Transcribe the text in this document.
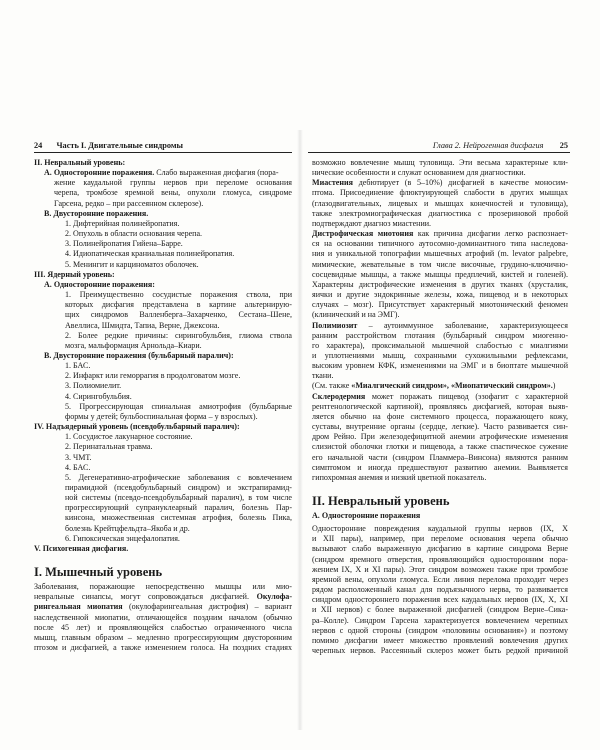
24 Часть I. Двигательные синдромы
II. Невральный уровень:
A. Односторонние поражения. Слабо выраженная дисфагия (пора-
жение каудальной группы нервов при переломе основания
черепа, тромбозе яремной вены, опухоли гломуса, синдроме
Гарсена, редко – при рассеянном склерозе).
B. Двусторонние поражения.
1. Дифтерийная полинейропатия.
2. Опухоль в области основания черепа.
3. Полинейропатия Гийена–Барре.
4. Идиопатическая краниальная полинейропатия.
5. Менингит и карциноматоз оболочек.
III. Ядерный уровень:
A. Односторонние поражения:
1. Преимущественно сосудистые поражения ствола, при
которых дисфагия представлена в картине альтернирую-
щих синдромов Валленберга–Захарченко, Сестана–Шене,
Авеллиса, Шмидта, Тапиа, Верне, Джексона.
2. Более редкие причины: сирингобульбия, глиома ствола
мозга, мальформация Арнольда–Киари.
B. Двусторонние поражения (бульбарный паралич):
1. БАС.
2. Инфаркт или геморрагия в продолговатом мозге.
3. Полиомиелит.
4. Сирингобульбия.
5. Прогрессирующая спинальная амиотрофия (бульбарные
формы у детей; бульбоспинальная форма – у взрослых).
IV. Надъядерный уровень (псевдобульбарный паралич):
1. Сосудистое лакунарное состояние.
2. Перинатальная травма.
3. ЧМТ.
4. БАС.
5. Дегенеративно-атрофические заболевания с вовлечением
пирамидной (псевдобульбарный синдром) и экстрапирамид-
ной системы (псевдо-псевдобульбарный паралич), в том числе
прогрессирующий супрануклеарный паралич, болезнь Пар-
кинсона, множественная системная атрофия, болезнь Пика,
болезнь Крейтцфельдта–Якоба и др.
6. Гипоксическая энцефалопатия.
V. Психогенная дисфагия.
I. Мышечный уровень
Заболевания, поражающие непосредственно мышцы или мио-
невральные синапсы, могут сопровождаться дисфагией. Окулофа-
рингеальная миопатия (окулофарингеальная дистрофия) – вариант
наследственной миопатии, отличающейся поздним началом (обычно
после 45 лет) и проявляющейся слабостью ограниченного числа
мышц, главным образом – медленно прогрессирующим двусторонним
птозом и дисфагией, а также изменением голоса. На поздних стадиях
Глава 2. Нейрогенная дисфагия 25
возможно вовлечение мышц туловища. Эти весьма характерные кли-
нические особенности и служат основанием для диагностики.
Миастения дебютирует (в 5–10%) дисфагией в качестве моносим-
птома. Присоединение флюктуирующей слабости в других мышцах
(глазодвигательных, лицевых и мышцах конечностей и туловища),
также электромиографическая диагностика с прозериновой пробой
подтверждают диагноз миастении.
Дистрофическая миотония как причина дисфагии легко распознает-
ся на основании типичного аутосомно-доминантного типа наследова-
ния и уникальной топографии мышечных атрофий (m. levator palpebre,
мимические, жевательные в том числе височные, грудино-ключично-
сосцевидные мышцы, а также мышцы предплечий, кистей и голеней).
Характерны дистрофические изменения в других тканях (хрусталик,
яички и другие эндокринные железы, кожа, пищевод и в некоторых
случаях – мозг). Присутствует характерный миотонический феномен
(клинический и на ЭМГ).
Полимиозит – аутоиммунное заболевание, характеризующееся
ранним расстройством глотания (бульбарный синдром миогенно-
го характера), проксимальной мышечной слабостью с миалгиями
и уплотнениями мышц, сохранными сухожильными рефлексами,
высоким уровнем КФК, изменениями на ЭМГ и в биоптате мышечной
ткани.
(См. также «Миалгический синдром», «Миопатический синдром».)
Склеродермия может поражать пищевод (эзофагит с характерной
рентгенологической картиной), проявляясь дисфагией, которая выяв-
ляется обычно на фоне системного процесса, поражающего кожу,
суставы, внутренние органы (сердце, легкие). Часто развивается син-
дром Рейно. При железодефицитной анемии атрофические изменения
слизистой оболочки глотки и пищевода, а также спастическое сужение
его начальной части (синдром Пламмера–Винсона) являются ранним
симптомом и иногда предшествуют развитию анемии. Выявляется
гипохромная анемия и низкий цветной показатель.
II. Невральный уровень
A. Односторонние поражения
Односторонние повреждения каудальной группы нервов (IX, X
и XII пары), например, при переломе основания черепа обычно
вызывают слабо выраженную дисфагию в картине синдрома Верне
(синдром яремного отверстия, проявляющийся односторонним пора-
жением IX, X и XI пары). Этот синдром возможен также при тромбозе
яремной вены, опухоли гломуса. Если линия перелома проходит через
рядом расположенный канал для подъязычного нерва, то развивается
синдром одностороннего поражения всех каудальных нервов (IX, X, XI
и XII нервов) с более выраженной дисфагией (синдром Верне–Сика-
ра–Колле). Синдром Гарсена характеризуется вовлечением черепных
нервов с одной стороны (синдром «половины основания») и поэтому
помимо дисфагии имеет множество проявлений вовлечения других
черепных нервов. Рассеянный склероз может быть редкой причиной
